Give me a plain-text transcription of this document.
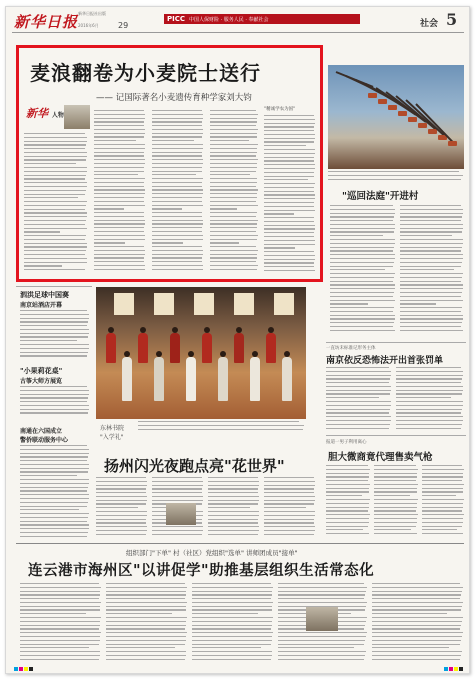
新华日报 新华日报社出版
2016年6月 29
PICC 中国人保财险 · 服务人民 · 奉献社会	社会 5
麦浪翻卷为小麦院士送行
—— 记国际著名小麦遗传育种学家刘大钧
新华 人物
"精诚学农为国"
"巡回法庭"开进村
泗洪足球中国赛
南京站酒店开幕
"小果莉花桌"
古筝大师方展览
南通在六国成立
警侨联动服务中心
东林书院
"入学礼"
一直坊未标准记形务主体
南京依反恐怖法开出首张罚单
报道一男子利用离心
胆大微商竟代理售卖气枪
扬州闪光夜跑点亮"花世界"
组织部门"下单" 村（社区）党组织"选单" 讲师团成员"接单"
连云港市海州区"以讲促学"助推基层组织生活常态化
